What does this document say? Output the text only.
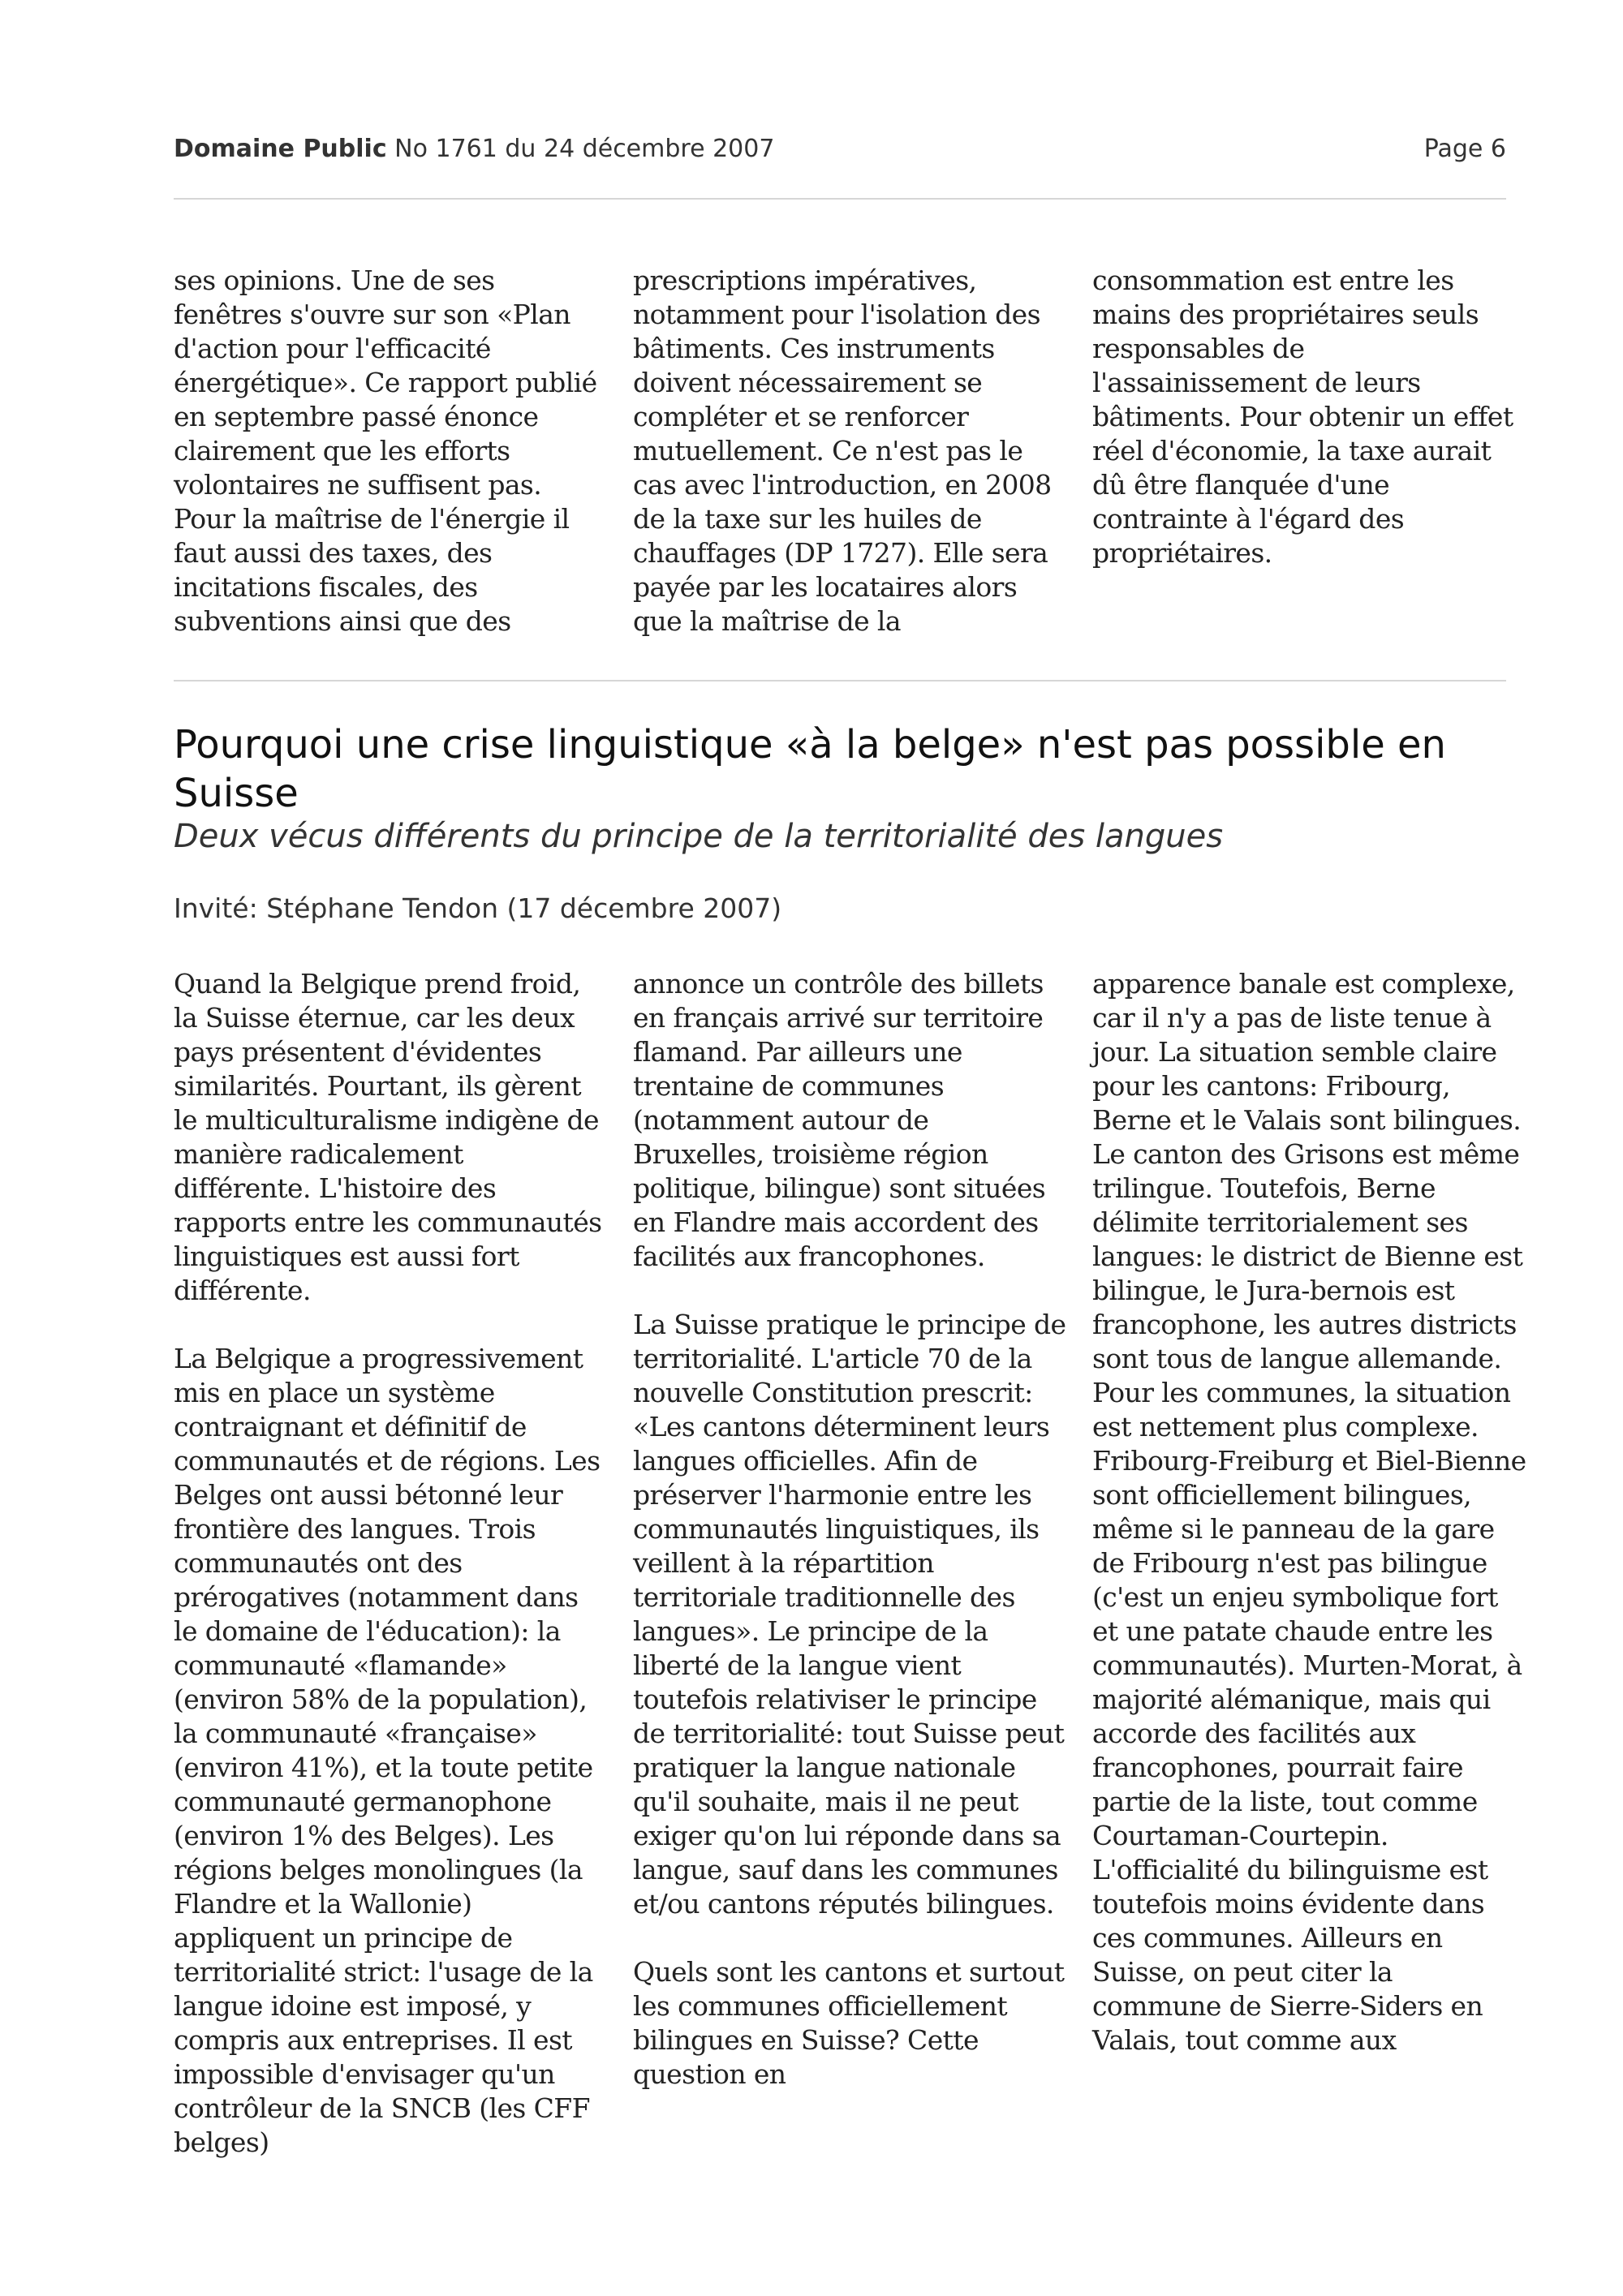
Domaine Public No 1761 du 24 décembre 2007	Page 6

ses opinions. Une de ses fenêtres s'ouvre sur son «Plan d'action pour l'efficacité énergétique». Ce rapport publié en septembre passé énonce clairement que les efforts volontaires ne suffisent pas. Pour la maîtrise de l'énergie il faut aussi des taxes, des incitations fiscales, des subventions ainsi que des

prescriptions impératives, notamment pour l'isolation des bâtiments. Ces instruments doivent nécessairement se compléter et se renforcer mutuellement. Ce n'est pas le cas avec l'introduction, en 2008 de la taxe sur les huiles de chauffages (DP 1727). Elle sera payée par les locataires alors que la maîtrise de la

consommation est entre les mains des propriétaires seuls responsables de l'assainissement de leurs bâtiments. Pour obtenir un effet réel d'économie, la taxe aurait dû être flanquée d'une contrainte à l'égard des propriétaires.

Pourquoi une crise linguistique «à la belge» n'est pas possible en Suisse
Deux vécus différents du principe de la territorialité des langues
Invité: Stéphane Tendon (17 décembre 2007)

Quand la Belgique prend froid, la Suisse éternue, car les deux pays présentent d'évidentes similarités. Pourtant, ils gèrent le multiculturalisme indigène de manière radicalement différente. L'histoire des rapports entre les communautés linguistiques est aussi fort différente.

La Belgique a progressivement mis en place un système contraignant et définitif de communautés et de régions. Les Belges ont aussi bétonné leur frontière des langues. Trois communautés ont des prérogatives (notamment dans le domaine de l'éducation): la communauté «flamande» (environ 58% de la population), la communauté «française» (environ 41%), et la toute petite communauté germanophone (environ 1% des Belges). Les régions belges monolingues (la Flandre et la Wallonie) appliquent un principe de territorialité strict: l'usage de la langue idoine est imposé, y compris aux entreprises. Il est impossible d'envisager qu'un contrôleur de la SNCB (les CFF belges)

annonce un contrôle des billets en français arrivé sur territoire flamand. Par ailleurs une trentaine de communes (notamment autour de Bruxelles, troisième région politique, bilingue) sont situées en Flandre mais accordent des facilités aux francophones.

La Suisse pratique le principe de territorialité. L'article 70 de la nouvelle Constitution prescrit: «Les cantons déterminent leurs langues officielles. Afin de préserver l'harmonie entre les communautés linguistiques, ils veillent à la répartition territoriale traditionnelle des langues». Le principe de la liberté de la langue vient toutefois relativiser le principe de territorialité: tout Suisse peut pratiquer la langue nationale qu'il souhaite, mais il ne peut exiger qu'on lui réponde dans sa langue, sauf dans les communes et/ou cantons réputés bilingues.

Quels sont les cantons et surtout les communes officiellement bilingues en Suisse? Cette question en

apparence banale est complexe, car il n'y a pas de liste tenue à jour. La situation semble claire pour les cantons: Fribourg, Berne et le Valais sont bilingues. Le canton des Grisons est même trilingue. Toutefois, Berne délimite territorialement ses langues: le district de Bienne est bilingue, le Jura-bernois est francophone, les autres districts sont tous de langue allemande. Pour les communes, la situation est nettement plus complexe. Fribourg-Freiburg et Biel-Bienne sont officiellement bilingues, même si le panneau de la gare de Fribourg n'est pas bilingue (c'est un enjeu symbolique fort et une patate chaude entre les communautés). Murten-Morat, à majorité alémanique, mais qui accorde des facilités aux francophones, pourrait faire partie de la liste, tout comme Courtaman-Courtepin. L'officialité du bilinguisme est toutefois moins évidente dans ces communes. Ailleurs en Suisse, on peut citer la commune de Sierre-Siders en Valais, tout comme aux
